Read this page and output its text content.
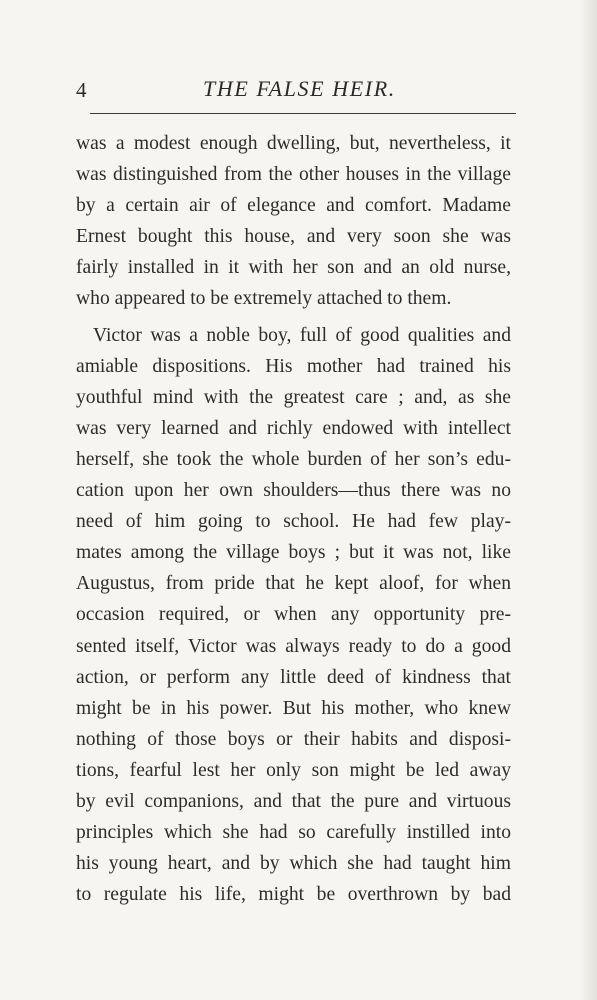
4	THE FALSE HEIR.
was a modest enough dwelling, but, nevertheless, it
was distinguished from the other houses in the village
by a certain air of elegance and comfort. Madame
Ernest bought this house, and very soon she was
fairly installed in it with her son and an old nurse,
who appeared to be extremely attached to them.
Victor was a noble boy, full of good qualities and
amiable dispositions. His mother had trained his
youthful mind with the greatest care ; and, as she
was very learned and richly endowed with intellect
herself, she took the whole burden of her son’s edu-
cation upon her own shoulders—thus there was no
need of him going to school. He had few play-
mates among the village boys ; but it was not, like
Augustus, from pride that he kept aloof, for when
occasion required, or when any opportunity pre-
sented itself, Victor was always ready to do a good
action, or perform any little deed of kindness that
might be in his power. But his mother, who knew
nothing of those boys or their habits and disposi-
tions, fearful lest her only son might be led away
by evil companions, and that the pure and virtuous
principles which she had so carefully instilled into
his young heart, and by which she had taught him
to regulate his life, might be overthrown by bad
